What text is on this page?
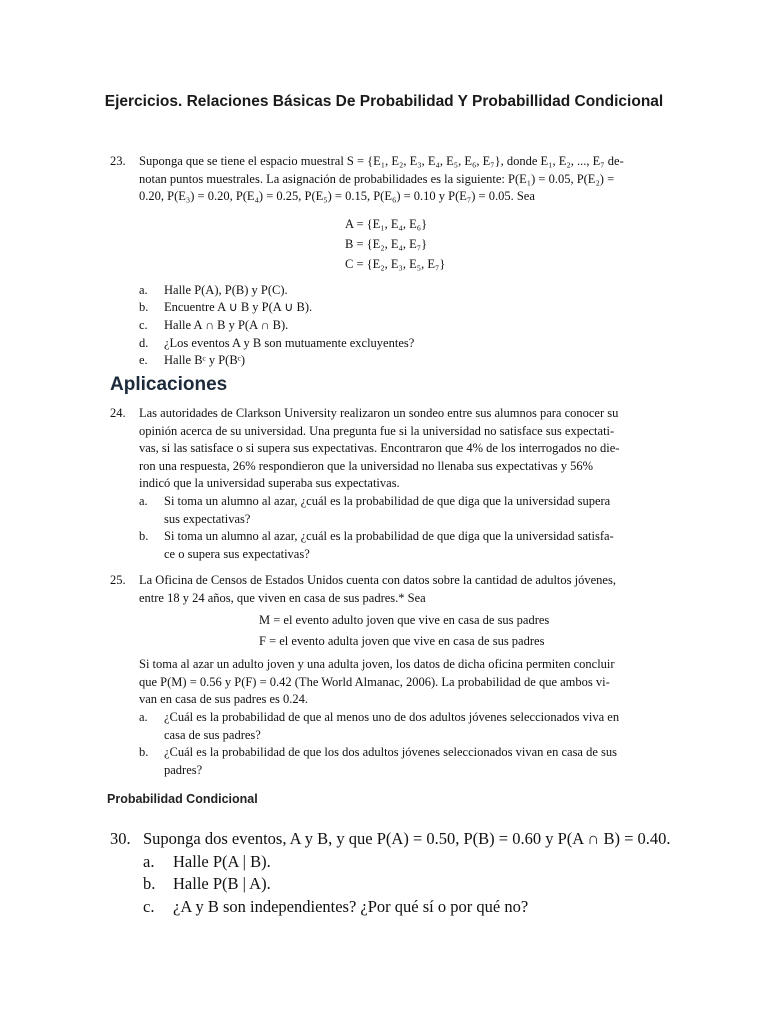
Ejercicios. Relaciones Básicas De Probabilidad Y Probabillidad Condicional
23. Suponga que se tiene el espacio muestral S = {E₁, E₂, E₃, E₄, E₅, E₆, E₇}, donde E₁, E₂, ..., E₇ de-
notan puntos muestrales. La asignación de probabilidades es la siguiente: P(E₁) = 0.05, P(E₂) =
0.20, P(E₃) = 0.20, P(E₄) = 0.25, P(E₅) = 0.15, P(E₆) = 0.10 y P(E₇) = 0.05. Sea
A = {E₁, E₄, E₆}
B = {E₂, E₄, E₇}
C = {E₂, E₃, E₅, E₇}
a. Halle P(A), P(B) y P(C).
b. Encuentre A ∪ B y P(A ∪ B).
c. Halle A ∩ B y P(A ∩ B).
d. ¿Los eventos A y B son mutuamente excluyentes?
e. Halle Bᶜ y P(Bᶜ)
Aplicaciones
24. Las autoridades de Clarkson University realizaron un sondeo entre sus alumnos para conocer su
opinión acerca de su universidad. Una pregunta fue si la universidad no satisface sus expectati-
vas, si las satisface o si supera sus expectativas. Encontraron que 4% de los interrogados no die-
ron una respuesta, 26% respondieron que la universidad no llenaba sus expectativas y 56%
indicó que la universidad superaba sus expectativas.
a. Si toma un alumno al azar, ¿cuál es la probabilidad de que diga que la universidad supera
sus expectativas?
b. Si toma un alumno al azar, ¿cuál es la probabilidad de que diga que la universidad satisfa-
ce o supera sus expectativas?
25. La Oficina de Censos de Estados Unidos cuenta con datos sobre la cantidad de adultos jóvenes,
entre 18 y 24 años, que viven en casa de sus padres.* Sea
M = el evento adulto joven que vive en casa de sus padres
F = el evento adulta joven que vive en casa de sus padres
Si toma al azar un adulto joven y una adulta joven, los datos de dicha oficina permiten concluir
que P(M) = 0.56 y P(F) = 0.42 (The World Almanac, 2006). La probabilidad de que ambos vi-
van en casa de sus padres es 0.24.
a. ¿Cuál es la probabilidad de que al menos uno de dos adultos jóvenes seleccionados viva en
casa de sus padres?
b. ¿Cuál es la probabilidad de que los dos adultos jóvenes seleccionados vivan en casa de sus
padres?
Probabilidad Condicional
30. Suponga dos eventos, A y B, y que P(A) = 0.50, P(B) = 0.60 y P(A ∩ B) = 0.40.
a. Halle P(A | B).
b. Halle P(B | A).
c. ¿A y B son independientes? ¿Por qué sí o por qué no?
